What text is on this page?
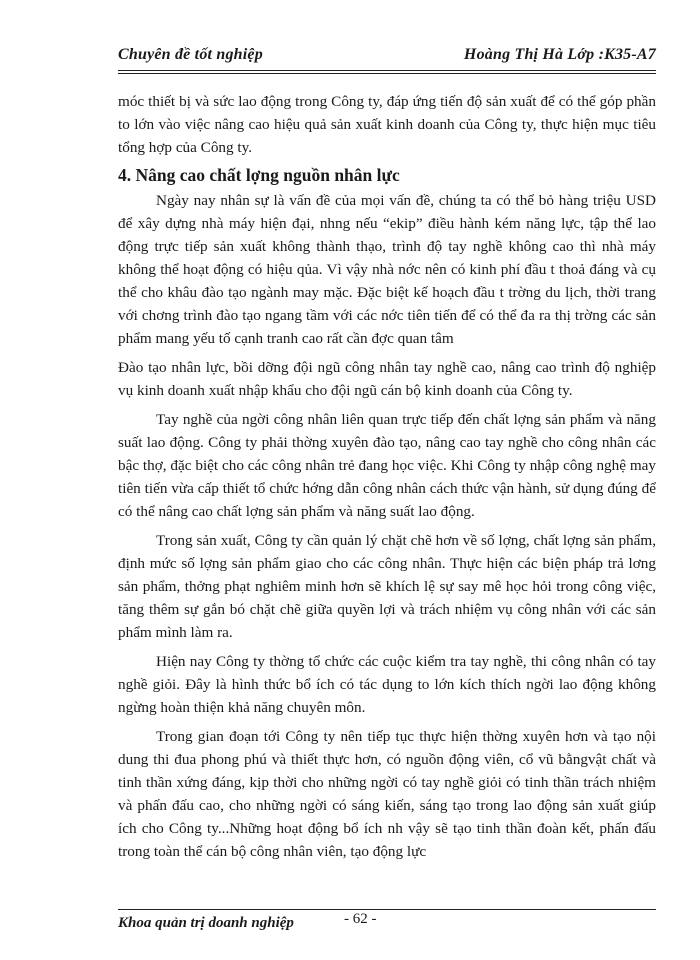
Chuyên đề tốt nghiệp	Hoàng Thị Hà Lớp :K35-A7

móc thiết bị và sức lao động trong Công ty, đáp ứng tiến độ sản xuất để có thể góp phần to lớn vào việc nâng cao hiệu quả sản xuất kinh doanh của Công ty, thực hiện mục tiêu tổng hợp của Công ty.

4. Nâng cao chất lợng nguồn nhân lực

Ngày nay nhân sự là vấn đề của mọi vấn đề, chúng ta có thể bỏ hàng triệu USD để xây dựng nhà máy hiện đại, nhng nếu “ekip” điều hành kém năng lực, tập thể lao động trực tiếp sản xuất không thành thạo, trình độ tay nghề không cao thì nhà máy không thể hoạt động có hiệu qủa. Vì vậy nhà nớc nên có kinh phí đầu t thoả đáng và cụ thể cho khâu đào tạo ngành may mặc. Đặc biệt kế hoạch đầu t trờng du lịch, thời trang với chơng trình đào tạo ngang tầm với các nớc tiên tiến để có thể đa ra thị trờng các sản phẩm mang yếu tố cạnh tranh cao rất cần đợc quan tâm

Đào tạo nhân lực, bồi dỡng đội ngũ công nhân tay nghề cao, nâng cao trình độ nghiệp vụ kinh doanh xuất nhập khẩu cho đội ngũ cán bộ kinh doanh của Công ty.

Tay nghề của ngời công nhân liên quan trực tiếp đến chất lợng sản phẩm và năng suất lao động. Công ty phải thờng xuyên đào tạo, nâng cao tay nghề cho công nhân các bậc thợ, đặc biệt cho các công nhân trẻ đang học việc. Khi Công ty nhập công nghệ may tiên tiến vừa cấp thiết tổ chức hớng dẫn công nhân cách thức vận hành, sử dụng đúng để có thể nâng cao chất lợng sản phẩm và năng suất lao động.

Trong sản xuất, Công ty cần quản lý chặt chẽ hơn về số lợng, chất lợng sản phẩm, định mức số lợng sản phẩm giao cho các công nhân. Thực hiện các biện pháp trả lơng sản phẩm, thởng phạt nghiêm minh hơn sẽ khích lệ sự say mê học hỏi trong công việc, tăng thêm sự gắn bó chặt chẽ giữa quyền lợi và trách nhiệm vụ công nhân với các sản phẩm mình làm ra.

Hiện nay Công ty thờng tổ chức các cuộc kiểm tra tay nghề, thi công nhân có tay nghề giỏi. Đây là hình thức bổ ích có tác dụng to lớn kích thích ngời lao động không ngừng hoàn thiện khả năng chuyên môn.

Trong gian đoạn tới Công ty nên tiếp tục thực hiện thờng xuyên hơn và tạo nội dung thi đua phong phú và thiết thực hơn, có nguồn động viên, cổ vũ bằngvật chất và tinh thần xứng đáng, kịp thời cho những ngời có tay nghề giỏi có tinh thần trách nhiệm và phấn đấu cao, cho những ngời có sáng kiến, sáng tạo trong lao động sản xuất giúp ích cho Công ty...Những hoạt động bổ ích nh vậy sẽ tạo tinh thần đoàn kết, phấn đấu trong toàn thể cán bộ công nhân viên, tạo động lực

Khoa quản trị doanh nghiệp	- 62 -
